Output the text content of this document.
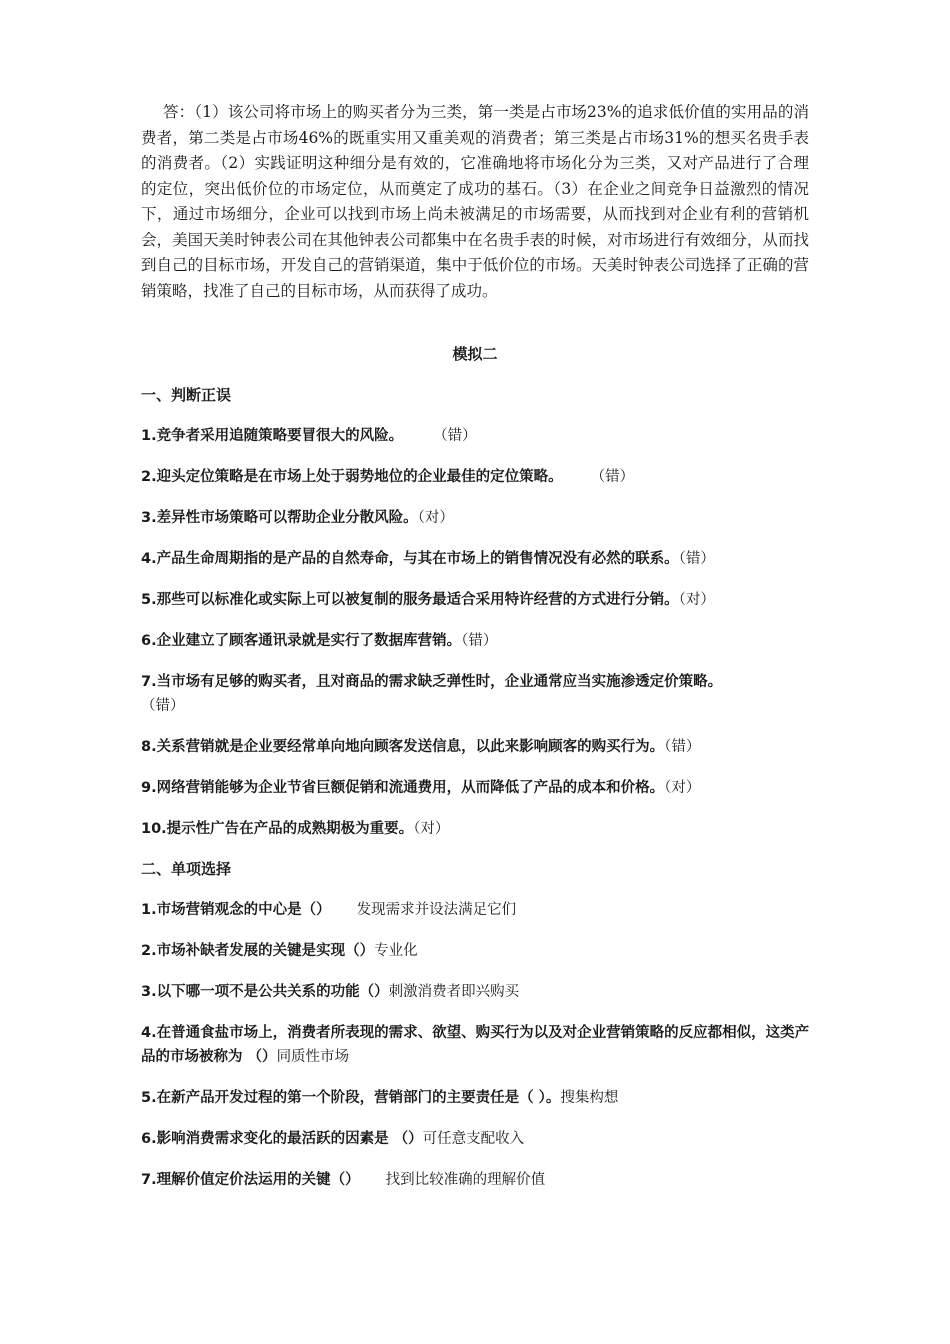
答：（1）该公司将市场上的购买者分为三类，第一类是占市场23%的追求低价值的实用品的消费者，第二类是占市场46%的既重实用又重美观的消费者；第三类是占市场31%的想买名贵手表的消费者。（2）实践证明这种细分是有效的，它准确地将市场化分为三类，又对产品进行了合理的定位，突出低价位的市场定位，从而奠定了成功的基石。（3）在企业之间竞争日益激烈的情况下，通过市场细分，企业可以找到市场上尚未被满足的市场需要，从而找到对企业有利的营销机会，美国天美时钟表公司在其他钟表公司都集中在名贵手表的时候，对市场进行有效细分，从而找到自己的目标市场，开发自己的营销渠道，集中于低价位的市场。天美时钟表公司选择了正确的营销策略，找准了自己的目标市场，从而获得了成功。

模拟二
一、判断正误
1.竞争者采用追随策略要冒很大的风险。 （错）
2.迎头定位策略是在市场上处于弱势地位的企业最佳的定位策略。 （错）
3.差异性市场策略可以帮助企业分散风险。（对）
4.产品生命周期指的是产品的自然寿命，与其在市场上的销售情况没有必然的联系。（错）
5.那些可以标准化或实际上可以被复制的服务最适合采用特许经营的方式进行分销。（对）
6.企业建立了顾客通讯录就是实行了数据库营销。（错）
7.当市场有足够的购买者，且对商品的需求缺乏弹性时，企业通常应当实施渗透定价策略。
（错）
8.关系营销就是企业要经常单向地向顾客发送信息，以此来影响顾客的购买行为。（错）
9.网络营销能够为企业节省巨额促销和流通费用，从而降低了产品的成本和价格。（对）
10.提示性广告在产品的成熟期极为重要。（对）
二、单项选择
1.市场营销观念的中心是（） 发现需求并设法满足它们
2.市场补缺者发展的关键是实现（）专业化
3.以下哪一项不是公共关系的功能（）刺激消费者即兴购买
4.在普通食盐市场上，消费者所表现的需求、欲望、购买行为以及对企业营销策略的反应都相似，这类产品的市场被称为 （）同质性市场
5.在新产品开发过程的第一个阶段，营销部门的主要责任是（ ）。搜集构想
6.影响消费需求变化的最活跃的因素是 （）可任意支配收入
7.理解价值定价法运用的关键（） 找到比较准确的理解价值
